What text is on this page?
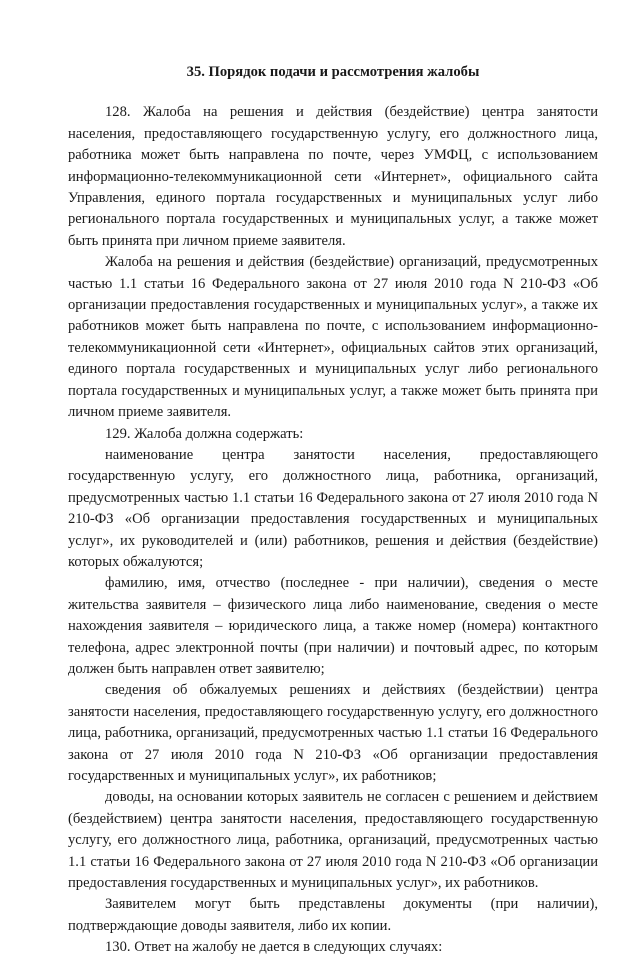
35. Порядок подачи и рассмотрения жалобы

128. Жалоба на решения и действия (бездействие) центра занятости населения, предоставляющего государственную услугу, его должностного лица, работника может быть направлена по почте, через УМФЦ, с использованием информационно-телекоммуникационной сети «Интернет», официального сайта Управления, единого портала государственных и муниципальных услуг либо регионального портала государственных и муниципальных услуг, а также может быть принята при личном приеме заявителя.

Жалоба на решения и действия (бездействие) организаций, предусмотренных частью 1.1 статьи 16 Федерального закона от 27 июля 2010 года N 210-ФЗ «Об организации предоставления государственных и муниципальных услуг», а также их работников может быть направлена по почте, с использованием информационно-телекоммуникационной сети «Интернет», официальных сайтов этих организаций, единого портала государственных и муниципальных услуг либо регионального портала государственных и муниципальных услуг, а также может быть принята при личном приеме заявителя.

129. Жалоба должна содержать:

наименование центра занятости населения, предоставляющего государственную услугу, его должностного лица, работника, организаций, предусмотренных частью 1.1 статьи 16 Федерального закона от 27 июля 2010 года N 210-ФЗ «Об организации предоставления государственных и муниципальных услуг», их руководителей и (или) работников, решения и действия (бездействие) которых обжалуются;

фамилию, имя, отчество (последнее - при наличии), сведения о месте жительства заявителя – физического лица либо наименование, сведения о месте нахождения заявителя – юридического лица, а также номер (номера) контактного телефона, адрес электронной почты (при наличии) и почтовый адрес, по которым должен быть направлен ответ заявителю;

сведения об обжалуемых решениях и действиях (бездействии) центра занятости населения, предоставляющего государственную услугу, его должностного лица, работника, организаций, предусмотренных частью 1.1 статьи 16 Федерального закона от 27 июля 2010 года N 210-ФЗ «Об организации предоставления государственных и муниципальных услуг», их работников;

доводы, на основании которых заявитель не согласен с решением и действием (бездействием) центра занятости населения, предоставляющего государственную услугу, его должностного лица, работника, организаций, предусмотренных частью 1.1 статьи 16 Федерального закона от 27 июля 2010 года N 210-ФЗ «Об организации предоставления государственных и муниципальных услуг», их работников.

Заявителем могут быть представлены документы (при наличии), подтверждающие доводы заявителя, либо их копии.

130. Ответ на жалобу не дается в следующих случаях:
